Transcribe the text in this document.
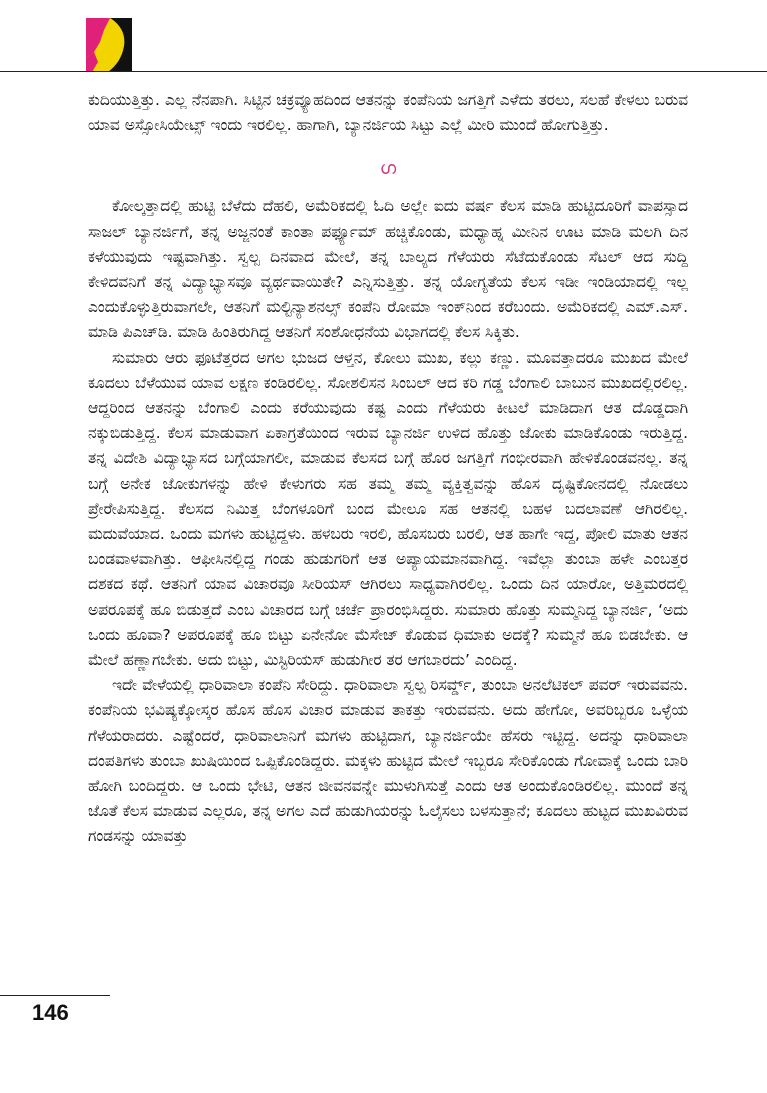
ಕುದಿಯುತ್ತಿತ್ತು. ಎಲ್ಲ ನೆನಪಾಗಿ. ಸಿಟ್ಟಿನ ಚಕ್ರವ್ಯೂಹದಿಂದ ಆತನನ್ನು ಕಂಪೆನಿಯ ಜಗತ್ತಿಗೆ ಎಳೆದು ತರಲು, ಸಲಹೆ ಕೇಳಲು ಬರುವ ಯಾವ ಅಸ್ಸೋಸಿಯೇಟ್ಸ್ ಇಂದು ಇರಲಿಲ್ಲ. ಹಾಗಾಗಿ, ಬ್ಯಾನರ್ಜಿಯ ಸಿಟ್ಟು ಎಲ್ಲೆ ಮೀರಿ ಮುಂದೆ ಹೋಗುತ್ತಿತ್ತು.

ഗ

ಕೋಲ್ಕತ್ತಾದಲ್ಲಿ ಹುಟ್ಟಿ ಬೆಳೆದು ದೆಹಲಿ, ಅಮೆರಿಕದಲ್ಲಿ ಓದಿ ಅಲ್ಲೇ ಐದು ವರ್ಷ ಕೆಲಸ ಮಾಡಿ ಹುಟ್ಟಿದೂರಿಗೆ ವಾಪಸ್ಸಾದ ಸಾಜಲ್ ಬ್ಯಾನರ್ಜಿಗೆ, ತನ್ನ ಅಜ್ಜನಂತೆ ಕಾಂತಾ ಪರ್ಫ್ಯೂಮ್ ಹಚ್ಚಿಕೊಂಡು, ಮಧ್ಯಾಹ್ನ ಮೀನಿನ ಊಟ ಮಾಡಿ ಮಲಗಿ ದಿನ ಕಳೆಯುವುದು ಇಷ್ಟವಾಗಿತ್ತು. ಸ್ವಲ್ಪ ದಿನವಾದ ಮೇಲೆ, ತನ್ನ ಬಾಲ್ಯದ ಗೆಳೆಯರು ಸೆಟೆದುಕೊಂಡು ಸೆಟಲ್ ಆದ ಸುದ್ದಿ ಕೇಳಿದವನಿಗೆ ತನ್ನ ವಿದ್ಯಾಭ್ಯಾಸವೂ ವ್ಯರ್ಥವಾಯಿತೇ? ಎನ್ನಿಸುತ್ತಿತ್ತು. ತನ್ನ ಯೋಗ್ಯತೆಯ ಕೆಲಸ ಇಡೀ ಇಂಡಿಯಾದಲ್ಲಿ ಇಲ್ಲ ಎಂದುಕೊಳ್ಳುತ್ತಿರುವಾಗಲೇ, ಆತನಿಗೆ ಮಲ್ಟಿನ್ಯಾಶನಲ್ಸ್ ಕಂಪೆನಿ ರೋಮಾ ಇಂಕ್‌ನಿಂದ ಕರೆಬಂದು. ಅಮೆರಿಕದಲ್ಲಿ ಎಮ್.ಎಸ್. ಮಾಡಿ ಪಿಎಚ್‌ಡಿ. ಮಾಡಿ ಹಿಂತಿರುಗಿದ್ದ ಆತನಿಗೆ ಸಂಶೋಧನೆಯ ವಿಭಾಗದಲ್ಲಿ ಕೆಲಸ ಸಿಕ್ಕಿತು.

ಸುಮಾರು ಆರು ಫೂಟೆತ್ತರದ ಅಗಲ ಭುಜದ ಆಳ್ತನ, ಕೋಲು ಮುಖ, ಕಲ್ಲು ಕಣ್ಣು. ಮೂವತ್ತಾದರೂ ಮುಖದ ಮೇಲೆ ಕೂದಲು ಬೆಳೆಯುವ ಯಾವ ಲಕ್ಷಣ ಕಂಡಿರಲಿಲ್ಲ. ಸೋಶಲಿಸನ ಸಿಂಬಲ್ ಆದ ಕರಿ ಗಡ್ಡ ಬೆಂಗಾಲಿ ಬಾಬುನ ಮುಖದಲ್ಲಿರಲಿಲ್ಲ. ಆದ್ದರಿಂದ ಆತನನ್ನು ಬೆಂಗಾಲಿ ಎಂದು ಕರೆಯುವುದು ಕಷ್ಟ ಎಂದು ಗೆಳೆಯರು ಕೀಟಲೆ ಮಾಡಿದಾಗ ಆತ ದೊಡ್ಡದಾಗಿ ನಕ್ಕುಬಿಡುತ್ತಿದ್ದ. ಕೆಲಸ ಮಾಡುವಾಗ ಏಕಾಗ್ರತೆಯಿಂದ ಇರುವ ಬ್ಯಾನರ್ಜಿ ಉಳಿದ ಹೊತ್ತು ಜೋಕು ಮಾಡಿಕೊಂಡು ಇರುತ್ತಿದ್ದ. ತನ್ನ ವಿದೇಶಿ ವಿದ್ಯಾಭ್ಯಾಸದ ಬಗ್ಗೆಯಾಗಲೀ, ಮಾಡುವ ಕೆಲಸದ ಬಗ್ಗೆ ಹೊರ ಜಗತ್ತಿಗೆ ಗಂಭೀರವಾಗಿ ಹೇಳಿಕೊಂಡವನಲ್ಲ. ತನ್ನ ಬಗ್ಗೆ ಅನೇಕ ಜೋಕುಗಳನ್ನು ಹೇಳಿ ಕೇಳುಗರು ಸಹ ತಮ್ಮ ತಮ್ಮ ವ್ಯಕ್ತಿತ್ವವನ್ನು ಹೊಸ ದೃಷ್ಟಿಕೋನದಲ್ಲಿ ನೋಡಲು ಪ್ರೇರೇಪಿಸುತ್ತಿದ್ದ. ಕೆಲಸದ ನಿಮಿತ್ತ ಬೆಂಗಳೂರಿಗೆ ಬಂದ ಮೇಲೂ ಸಹ ಆತನಲ್ಲಿ ಬಹಳ ಬದಲಾವಣೆ ಆಗಿರಲಿಲ್ಲ. ಮದುವೆಯಾದ. ಒಂದು ಮಗಳು ಹುಟ್ಟಿದ್ದಳು. ಹಳಬರು ಇರಲಿ, ಹೊಸಬರು ಬರಲಿ, ಆತ ಹಾಗೇ ಇದ್ದ, ಪೋಲಿ ಮಾತು ಆತನ ಬಂಡವಾಳವಾಗಿತ್ತು. ಆಫೀಸಿನಲ್ಲಿದ್ದ ಗಂಡು ಹುಡುಗರಿಗೆ ಆತ ಅಪ್ಯಾಯಮಾನವಾಗಿದ್ದ. ಇವೆಲ್ಲಾ ತುಂಬಾ ಹಳೇ ಎಂಬತ್ತರ ದಶಕದ ಕಥೆ. ಆತನಿಗೆ ಯಾವ ವಿಚಾರವೂ ಸೀರಿಯಸ್ ಆಗಿರಲು ಸಾಧ್ಯವಾಗಿರಲಿಲ್ಲ. ಒಂದು ದಿನ ಯಾರೋ, ಅತ್ತಿಮರದಲ್ಲಿ ಅಪರೂಪಕ್ಕೆ ಹೂ ಬಿಡುತ್ತದೆ ಎಂಬ ವಿಚಾರದ ಬಗ್ಗೆ ಚರ್ಚೆ ಪ್ರಾರಂಭಿಸಿದ್ದರು. ಸುಮಾರು ಹೊತ್ತು ಸುಮ್ಮನಿದ್ದ ಬ್ಯಾನರ್ಜಿ, ‘ಅದು ಒಂದು ಹೂವಾ? ಅಪರೂಪಕ್ಕೆ ಹೂ ಬಿಟ್ಟು ಏನೇನೋ ಮೆಸೇಜ್ ಕೊಡುವ ಧಿಮಾಕು ಅದಕ್ಕೆ? ಸುಮ್ಮನೆ ಹೂ ಬಿಡಬೇಕು. ಆ ಮೇಲೆ ಹಣ್ಣಾಗಬೇಕು. ಅದು ಬಿಟ್ಟು, ಮಿಸ್ಟಿರಿಯಸ್ ಹುಡುಗೀರ ತರ ಆಗಬಾರದು’ ಎಂದಿದ್ದ.

ಇದೇ ವೇಳೆಯಲ್ಲಿ ಧಾರಿವಾಲಾ ಕಂಪೆನಿ ಸೇರಿದ್ದು. ಧಾರಿವಾಲಾ ಸ್ವಲ್ಪ ರಿಸರ್ವ್ಡ್, ತುಂಬಾ ಅನಲೆಟಿಕಲ್ ಪವರ್ ಇರುವವನು. ಕಂಪೆನಿಯ ಭವಿಷ್ಯಕ್ಕೋಸ್ಕರ ಹೊಸ ಹೊಸ ವಿಚಾರ ಮಾಡುವ ತಾಕತ್ತು ಇರುವವನು. ಅದು ಹೇಗೋ, ಅವರಿಬ್ಬರೂ ಒಳ್ಳೆಯ ಗೆಳೆಯರಾದರು. ಎಷ್ಟೆಂದರೆ, ಧಾರಿವಾಲಾನಿಗೆ ಮಗಳು ಹುಟ್ಟಿದಾಗ, ಬ್ಯಾನರ್ಜಿಯೇ ಹೆಸರು ಇಟ್ಟಿದ್ದ. ಅದನ್ನು ಧಾರಿವಾಲಾ ದಂಪತಿಗಳು ತುಂಬಾ ಖುಷಿಯಿಂದ ಒಪ್ಪಿಕೊಂಡಿದ್ದರು. ಮಕ್ಕಳು ಹುಟ್ಟಿದ ಮೇಲೆ ಇಬ್ಬರೂ ಸೇರಿಕೊಂಡು ಗೋವಾಕ್ಕೆ ಒಂದು ಬಾರಿ ಹೋಗಿ ಬಂದಿದ್ದರು. ಆ ಒಂದು ಭೇಟಿ, ಆತನ ಜೀವನವನ್ನೇ ಮುಳುಗಿಸುತ್ತೆ ಎಂದು ಆತ ಅಂದುಕೊಂಡಿರಲಿಲ್ಲ. ಮುಂದೆ ತನ್ನ ಜೊತೆ ಕೆಲಸ ಮಾಡುವ ಎಲ್ಲರೂ, ತನ್ನ ಅಗಲ ಎದೆ ಹುಡುಗಿಯರನ್ನು ಓಲೈಸಲು ಬಳಸುತ್ತಾನೆ; ಕೂದಲು ಹುಟ್ಟದ ಮುಖವಿರುವ ಗಂಡಸನ್ನು ಯಾವತ್ತು

146
